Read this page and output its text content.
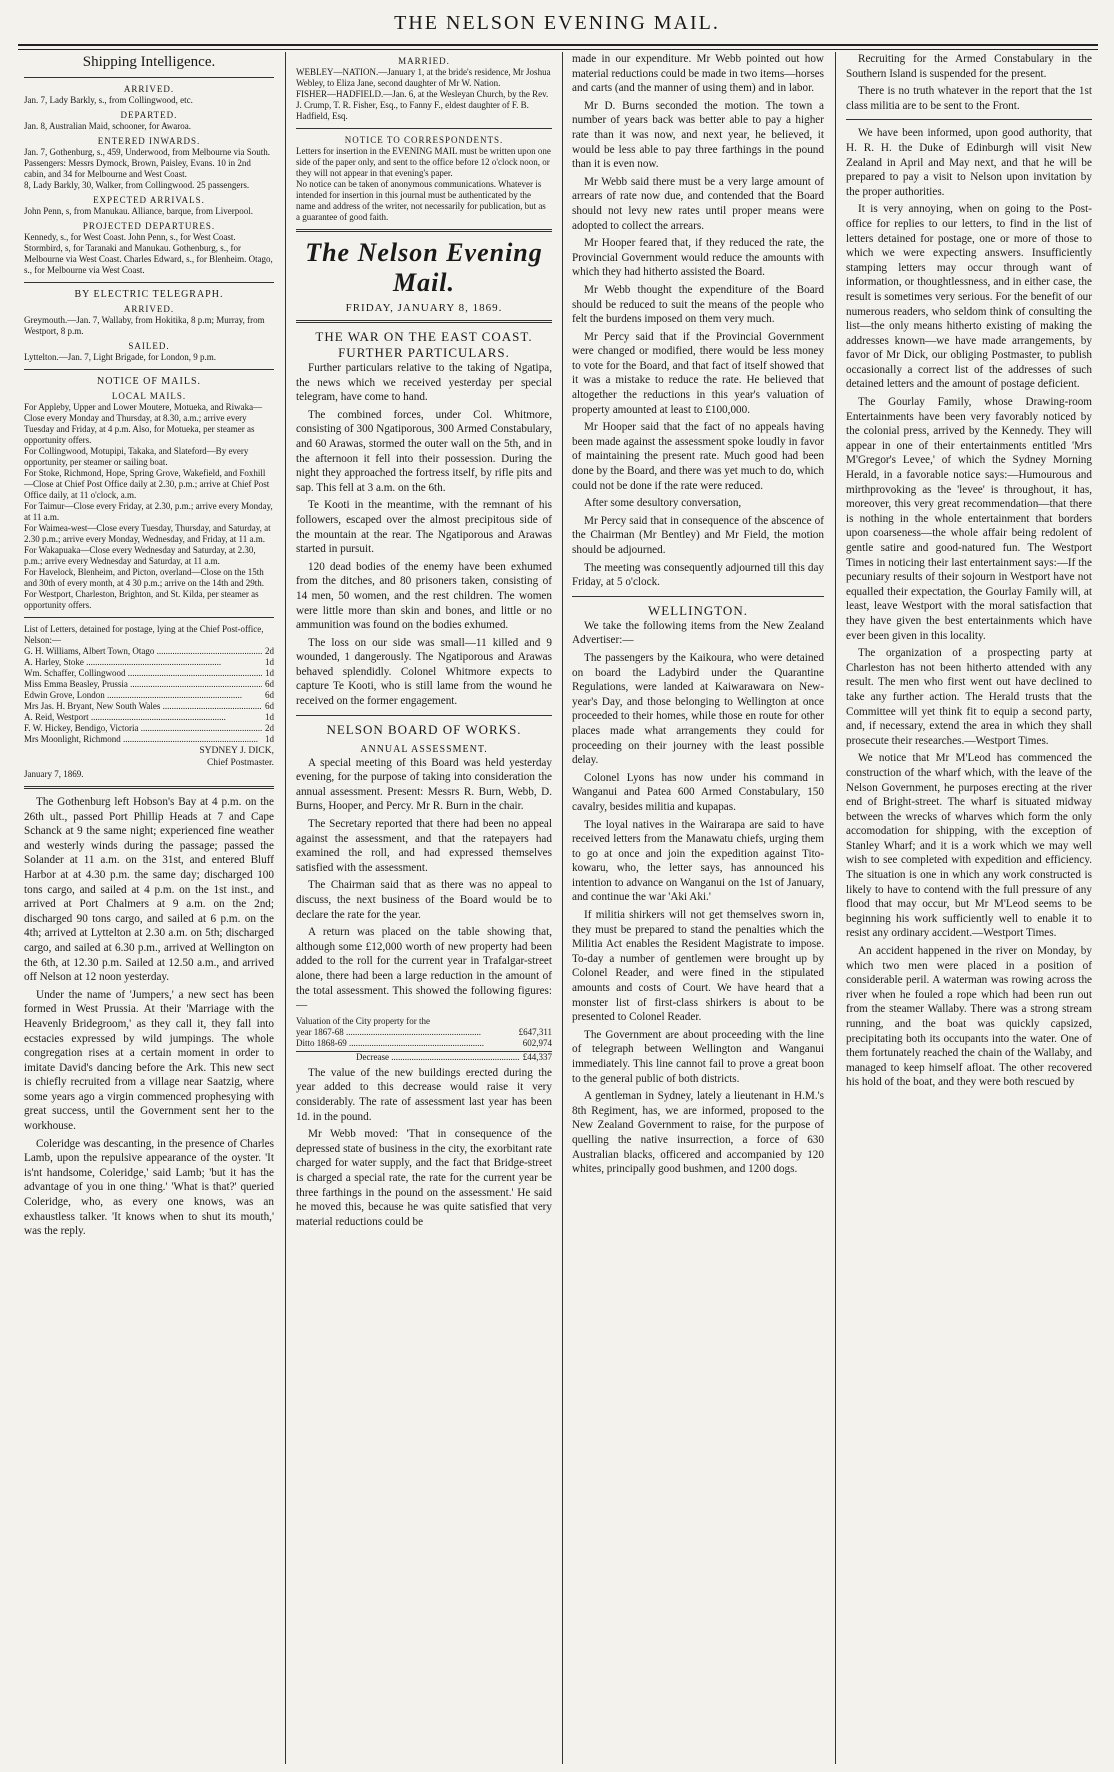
THE NELSON EVENING MAIL.
Shipping Intelligence.
ARRIVED.
Jan. 7, Lady Barkly, s., from Collingwood, etc.
DEPARTED.
Jan. 8, Australian Maid, schooner, for Awaroa.
ENTERED INWARDS.
Jan. 7, Gothenburg, s., 459, Underwood, from Melbourne via South. Passengers: Messrs Dymock, Brown, Paisley, Evans. 10 in 2nd cabin, and 34 for Melbourne and West Coast.
8, Lady Barkly, 30, Walker, from Collingwood. 25 passengers.
EXPECTED ARRIVALS.
John Penn, s, from Manukau. Alliance, barque, from Liverpool.
PROJECTED DEPARTURES.
Kennedy, s., for West Coast. John Penn, s., for West Coast. Stormbird, s, for Taranaki and Manukau. Gothenburg, s., for Melbourne via West Coast. Charles Edward, s., for Blenheim. Otago, s., for Melbourne via West Coast.
BY ELECTRIC TELEGRAPH.
ARRIVED.
Greymouth.—Jan. 7, Wallaby, from Hokitika, 8 p.m; Murray, from Westport, 8 p.m.
SAILED.
Lyttelton.—Jan. 7, Light Brigade, for London, 9 p.m.
NOTICE OF MAILS.
LOCAL MAILS.
For Appleby, Upper and Lower Moutere, Motueka, and Riwaka—Close every Monday and Thursday, at 8.30, a.m.; arrive every Tuesday and Friday, at 4 p.m. Also, for Motueka, per steamer as opportunity offers.
For Collingwood, Motupipi, Takaka, and Slateford—By every opportunity, per steamer or sailing boat.
For Stoke, Richmond, Hope, Spring Grove, Wakefield, and Foxhill—Close at Chief Post Office daily at 2.30, p.m.; arrive at Chief Post Office daily, at 11 o'clock, a.m.
For Taimur—Close every Friday, at 2.30, p.m.; arrive every Monday, at 11 a.m.
For Waimea-west—Close every Tuesday, Thursday, and Saturday, at 2.30 p.m.; arrive every Monday, Wednesday, and Friday, at 11 a.m.
For Wakapuaka—Close every Wednesday and Saturday, at 2.30, p.m.; arrive every Wednesday and Saturday, at 11 a.m.
For Havelock, Blenheim, and Picton, overland—Close on the 15th and 30th of every month, at 4 30 p.m.; arrive on the 14th and 29th.
For Westport, Charleston, Brighton, and St. Kilda, per steamer as opportunity offers.
List of Letters, detained for postage, lying at the Chief Post-office, Nelson:—
G. H. Williams, Albert Town, Otago .....	2d
A. Harley, Stoke .....	1d
Wm. Schaffer, Collingwood .....	1d
Miss Emma Beasley, Prussia .....	6d
Edwin Grove, London .....	6d
Mrs Jas. H. Bryant, New South Wales .....	6d
A. Reid, Westport .....	1d
F. W. Hickey, Bendigo, Victoria .....	2d
Mrs Moonlight, Richmond .....	1d
SYDNEY J. DICK,
Chief Postmaster.
January 7, 1869.

The Gothenburg left Hobson's Bay at 4 p.m. on the 26th ult., passed Port Phillip Heads at 7 and Cape Schanck at 9 the same night; experienced fine weather and westerly winds during the passage; passed the Solander at 11 a.m. on the 31st, and entered Bluff Harbor at at 4.30 p.m. the same day; discharged 100 tons cargo, and sailed at 4 p.m. on the 1st inst., and arrived at Port Chalmers at 9 a.m. on the 2nd; discharged 90 tons cargo, and sailed at 6 p.m. on the 4th; arrived at Lyttelton at 2.30 a.m. on 5th; discharged cargo, and sailed at 6.30 p.m., arrived at Wellington on the 6th, at 12.30 p.m. Sailed at 12.50 a.m., and arrived off Nelson at 12 noon yesterday.

Under the name of 'Jumpers,' a new sect has been formed in West Prussia. At their 'Marriage with the Heavenly Bridegroom,' as they call it, they fall into ecstacies expressed by wild jumpings. The whole congregation rises at a certain moment in order to imitate David's dancing before the Ark. This new sect is chiefly recruited from a village near Saatzig, where some years ago a virgin commenced prophesying with great success, until the Government sent her to the workhouse.

Coleridge was descanting, in the presence of Charles Lamb, upon the repulsive appearance of the oyster. 'It is'nt handsome, Coleridge,' said Lamb; 'but it has the advantage of you in one thing.' 'What is that?' queried Coleridge, who, as every one knows, was an exhaustless talker. 'It knows when to shut its mouth,' was the reply.

MARRIED.
WEBLEY—NATION.—January 1, at the bride's residence, Mr Joshua Webley, to Eliza Jane, second daughter of Mr W. Nation.
FISHER—HADFIELD.—Jan. 6, at the Wesleyan Church, by the Rev. J. Crump, T. R. Fisher, Esq., to Fanny F., eldest daughter of F. B. Hadfield, Esq.
NOTICE TO CORRESPONDENTS.
Letters for insertion in the EVENING MAIL must be written upon one side of the paper only, and sent to the office before 12 o'clock noon, or they will not appear in that evening's paper.
No notice can be taken of anonymous communications. Whatever is intended for insertion in this journal must be authenticated by the name and address of the writer, not necessarily for publication, but as a guarantee of good faith.
The Nelson Evening Mail.
FRIDAY, JANUARY 8, 1869.
THE WAR ON THE EAST COAST.
FURTHER PARTICULARS.

Further particulars relative to the taking of Ngatipa, the news which we received yesterday per special telegram, have come to hand.

The combined forces, under Col. Whitmore, consisting of 300 Ngatiporous, 300 Armed Constabulary, and 60 Arawas, stormed the outer wall on the 5th, and in the afternoon it fell into their possession. During the night they approached the fortress itself, by rifle pits and sap. This fell at 3 a.m. on the 6th.

Te Kooti in the meantime, with the remnant of his followers, escaped over the almost precipitous side of the mountain at the rear. The Ngatiporous and Arawas started in pursuit.

120 dead bodies of the enemy have been exhumed from the ditches, and 80 prisoners taken, consisting of 14 men, 50 women, and the rest children. The women were little more than skin and bones, and little or no ammunition was found on the bodies exhumed.

The loss on our side was small—11 killed and 9 wounded, 1 dangerously. The Ngatiporous and Arawas behaved splendidly. Colonel Whitmore expects to capture Te Kooti, who is still lame from the wound he received on the former engagement.

NELSON BOARD OF WORKS.
ANNUAL ASSESSMENT.

A special meeting of this Board was held yesterday evening, for the purpose of taking into consideration the annual assessment. Present: Messrs R. Burn, Webb, D. Burns, Hooper, and Percy. Mr R. Burn in the chair.

The Secretary reported that there had been no appeal against the assessment, and that the ratepayers had examined the roll, and had expressed themselves satisfied with the assessment.

The Chairman said that as there was no appeal to discuss, the next business of the Board would be to declare the rate for the year.

A return was placed on the table showing that, although some £12,000 worth of new property had been added to the roll for the current year in Trafalgar-street alone, there had been a large reduction in the amount of the total assessment. This showed the following figures:—

Valuation of the City property for the
year 1867-68 .....	£647,311
Ditto 1868-69 .....	602,974
Decrease .....	£44,337

The value of the new buildings erected during the year added to this decrease would raise it very considerably. The rate of assessment last year has been 1d. in the pound.

Mr Webb moved: 'That in consequence of the depressed state of business in the city, the exorbitant rate charged for water supply, and the fact that Bridge-street is charged a special rate, the rate for the current year be three farthings in the pound on the assessment.' He said he moved this, because he was quite satisfied that very material reductions could be

made in our expenditure. Mr Webb pointed out how material reductions could be made in two items—horses and carts (and the manner of using them) and in labor.

Mr D. Burns seconded the motion. The town a number of years back was better able to pay a higher rate than it was now, and next year, he believed, it would be less able to pay three farthings in the pound than it is even now.

Mr Webb said there must be a very large amount of arrears of rate now due, and contended that the Board should not levy new rates until proper means were adopted to collect the arrears.

Mr Hooper feared that, if they reduced the rate, the Provincial Government would reduce the amounts with which they had hitherto assisted the Board.

Mr Webb thought the expenditure of the Board should be reduced to suit the means of the people who felt the burdens imposed on them very much.

Mr Percy said that if the Provincial Government were changed or modified, there would be less money to vote for the Board, and that fact of itself showed that it was a mistake to reduce the rate. He believed that altogether the reductions in this year's valuation of property amounted at least to £100,000.

Mr Hooper said that the fact of no appeals having been made against the assessment spoke loudly in favor of maintaining the present rate. Much good had been done by the Board, and there was yet much to do, which could not be done if the rate were reduced.

After some desultory conversation,

Mr Percy said that in consequence of the abscence of the Chairman (Mr Bentley) and Mr Field, the motion should be adjourned.

The meeting was consequently adjourned till this day Friday, at 5 o'clock.

WELLINGTON.

We take the following items from the New Zealand Advertiser:—

The passengers by the Kaikoura, who were detained on board the Ladybird under the Quarantine Regulations, were landed at Kaiwarawara on New-year's Day, and those belonging to Wellington at once proceeded to their homes, while those en route for other places made what arrangements they could for proceeding on their journey with the least possible delay.

Colonel Lyons has now under his command in Wanganui and Patea 600 Armed Constabulary, 150 cavalry, besides militia and kupapas.

The loyal natives in the Wairarapa are said to have received letters from the Manawatu chiefs, urging them to go at once and join the expedition against Tito-kowaru, who, the letter says, has announced his intention to advance on Wanganui on the 1st of January, and continue the war 'Aki Aki.'

If militia shirkers will not get themselves sworn in, they must be prepared to stand the penalties which the Militia Act enables the Resident Magistrate to impose. To-day a number of gentlemen were brought up by Colonel Reader, and were fined in the stipulated amounts and costs of Court. We have heard that a monster list of first-class shirkers is about to be presented to Colonel Reader.

The Government are about proceeding with the line of telegraph between Wellington and Wanganui immediately. This line cannot fail to prove a great boon to the general public of both districts.

A gentleman in Sydney, lately a lieutenant in H.M.'s 8th Regiment, has, we are informed, proposed to the New Zealand Government to raise, for the purpose of quelling the native insurrection, a force of 630 Australian blacks, officered and accompanied by 120 whites, principally good bushmen, and 1200 dogs.

Recruiting for the Armed Constabulary in the Southern Island is suspended for the present.

There is no truth whatever in the report that the 1st class militia are to be sent to the Front.

We have been informed, upon good authority, that H. R. H. the Duke of Edinburgh will visit New Zealand in April and May next, and that he will be prepared to pay a visit to Nelson upon invitation by the proper authorities.

It is very annoying, when on going to the Post-office for replies to our letters, to find in the list of letters detained for postage, one or more of those to which we were expecting answers. Insufficiently stamping letters may occur through want of information, or thoughtlessness, and in either case, the result is sometimes very serious. For the benefit of our numerous readers, who seldom think of consulting the list—the only means hitherto existing of making the addresses known—we have made arrangements, by favor of Mr Dick, our obliging Postmaster, to publish occasionally a correct list of the addresses of such detained letters and the amount of postage deficient.

The Gourlay Family, whose Drawing-room Entertainments have been very favorably noticed by the colonial press, arrived by the Kennedy. They will appear in one of their entertainments entitled 'Mrs M'Gregor's Levee,' of which the Sydney Morning Herald, in a favorable notice says:—Humourous and mirthprovoking as the 'levee' is throughout, it has, moreover, this very great recommendation—that there is nothing in the whole entertainment that borders upon coarseness—the whole affair being redolent of gentle satire and good-natured fun. The Westport Times in noticing their last entertainment says:—If the pecuniary results of their sojourn in Westport have not equalled their expectation, the Gourlay Family will, at least, leave Westport with the moral satisfaction that they have given the best entertainments which have ever been given in this locality.

The organization of a prospecting party at Charleston has not been hitherto attended with any result. The men who first went out have declined to take any further action. The Herald trusts that the Committee will yet think fit to equip a second party, and, if necessary, extend the area in which they shall prosecute their researches.—Westport Times.

We notice that Mr M'Leod has commenced the construction of the wharf which, with the leave of the Nelson Government, he purposes erecting at the river end of Bright-street. The wharf is situated midway between the wrecks of wharves which form the only accomodation for shipping, with the exception of Stanley Wharf; and it is a work which we may well wish to see completed with expedition and efficiency. The situation is one in which any work constructed is likely to have to contend with the full pressure of any flood that may occur, but Mr M'Leod seems to be beginning his work sufficiently well to enable it to resist any ordinary accident.—Westport Times.

An accident happened in the river on Monday, by which two men were placed in a position of considerable peril. A waterman was rowing across the river when he fouled a rope which had been run out from the steamer Wallaby. There was a strong stream running, and the boat was quickly capsized, precipitating both its occupants into the water. One of them fortunately reached the chain of the Wallaby, and managed to keep himself afloat. The other recovered his hold of the boat, and they were both rescued by
